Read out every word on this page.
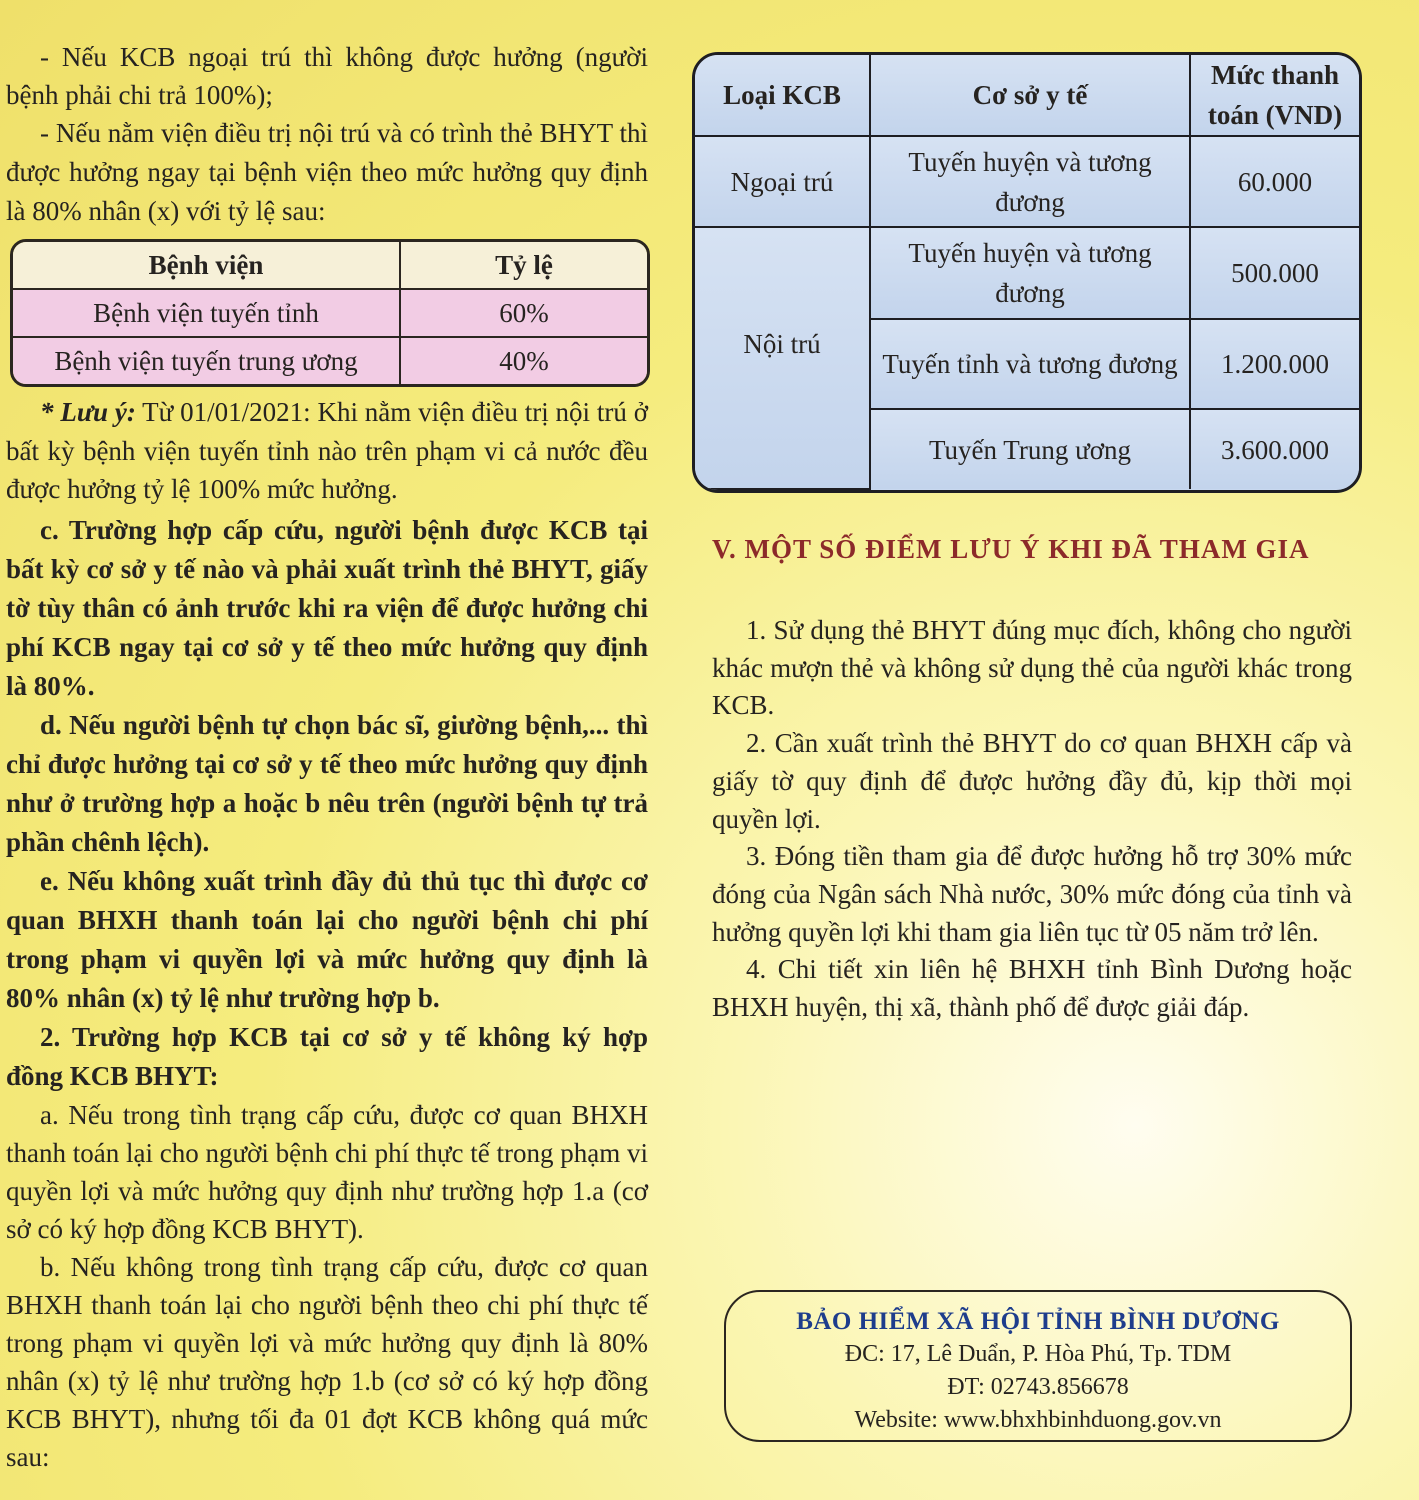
- Nếu KCB ngoại trú thì không được hưởng (người bệnh phải chi trả 100%);

- Nếu nằm viện điều trị nội trú và có trình thẻ BHYT thì được hưởng ngay tại bệnh viện theo mức hưởng quy định là 80% nhân (x) với tỷ lệ sau:

Bệnh viện	Tỷ lệ
Bệnh viện tuyến tỉnh	60%
Bệnh viện tuyến trung ương	40%

* Lưu ý: Từ 01/01/2021: Khi nằm viện điều trị nội trú ở bất kỳ bệnh viện tuyến tỉnh nào trên phạm vi cả nước đều được hưởng tỷ lệ 100% mức hưởng.

c. Trường hợp cấp cứu, người bệnh được KCB tại bất kỳ cơ sở y tế nào và phải xuất trình thẻ BHYT, giấy tờ tùy thân có ảnh trước khi ra viện để được hưởng chi phí KCB ngay tại cơ sở y tế theo mức hưởng quy định là 80%.

d. Nếu người bệnh tự chọn bác sĩ, giường bệnh,... thì chỉ được hưởng tại cơ sở y tế theo mức hưởng quy định như ở trường hợp a hoặc b nêu trên (người bệnh tự trả phần chênh lệch).

e. Nếu không xuất trình đầy đủ thủ tục thì được cơ quan BHXH thanh toán lại cho người bệnh chi phí trong phạm vi quyền lợi và mức hưởng quy định là 80% nhân (x) tỷ lệ như trường hợp b.

2. Trường hợp KCB tại cơ sở y tế không ký hợp đồng KCB BHYT:

a. Nếu trong tình trạng cấp cứu, được cơ quan BHXH thanh toán lại cho người bệnh chi phí thực tế trong phạm vi quyền lợi và mức hưởng quy định như trường hợp 1.a (cơ sở có ký hợp đồng KCB BHYT).

b. Nếu không trong tình trạng cấp cứu, được cơ quan BHXH thanh toán lại cho người bệnh theo chi phí thực tế trong phạm vi quyền lợi và mức hưởng quy định là 80% nhân (x) tỷ lệ như trường hợp 1.b (cơ sở có ký hợp đồng KCB BHYT), nhưng tối đa 01 đợt KCB không quá mức sau:

Loại KCB	Cơ sở y tế	Mức thanh toán (VND)
Ngoại trú	Tuyến huyện và tương đương	60.000
Nội trú	Tuyến huyện và tương đương	500.000
	Tuyến tỉnh và tương đương	1.200.000
	Tuyến Trung ương	3.600.000
V. MỘT SỐ ĐIỂM LƯU Ý KHI ĐÃ THAM GIA

1. Sử dụng thẻ BHYT đúng mục đích, không cho người khác mượn thẻ và không sử dụng thẻ của người khác trong KCB.

2. Cần xuất trình thẻ BHYT do cơ quan BHXH cấp và giấy tờ quy định để được hưởng đầy đủ, kịp thời mọi quyền lợi.

3. Đóng tiền tham gia để được hưởng hỗ trợ 30% mức đóng của Ngân sách Nhà nước, 30% mức đóng của tỉnh và hưởng quyền lợi khi tham gia liên tục từ 05 năm trở lên.

4. Chi tiết xin liên hệ BHXH tỉnh Bình Dương hoặc BHXH huyện, thị xã, thành phố để được giải đáp.

BẢO HIỂM XÃ HỘI TỈNH BÌNH DƯƠNG
ĐC: 17, Lê Duẩn, P. Hòa Phú, Tp. TDM
ĐT: 02743.856678
Website: www.bhxhbinhduong.gov.vn
